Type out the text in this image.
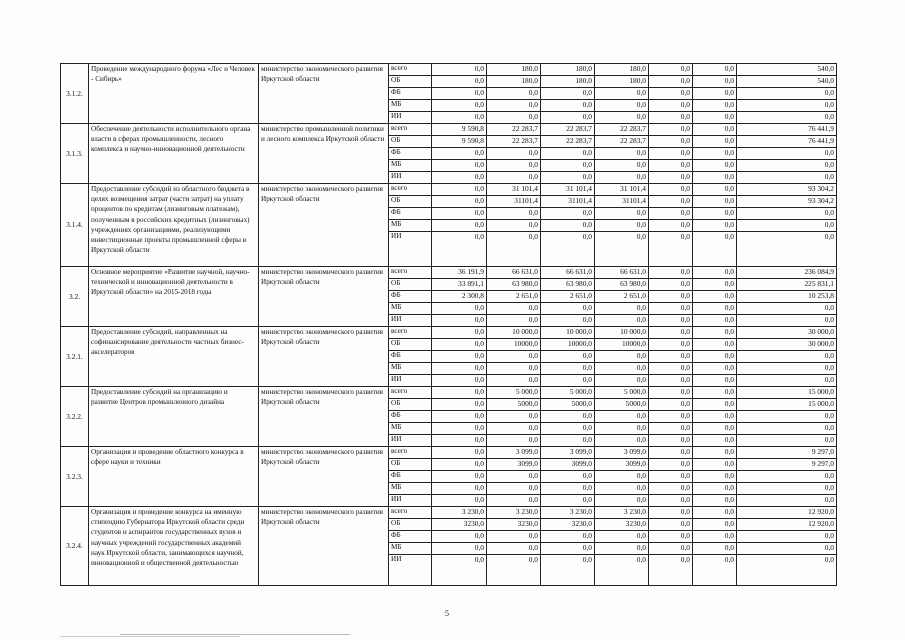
3.1.2.	Проведение международного форума «Лес и Человек - Сибирь»	министерство экономического развития Иркутской области	всего	0,0	180,0	180,0	180,0	0,0	0,0	540,0
			ОБ	0,0	180,0	180,0	180,0	0,0	0,0	540,0
			ФБ	0,0	0,0	0,0	0,0	0,0	0,0	0,0
			МБ	0,0	0,0	0,0	0,0	0,0	0,0	0,0
			ИИ	0,0	0,0	0,0	0,0	0,0	0,0	0,0
3.1.3.	Обеспечение деятельности исполнительного органа власти в сферах промышленности, лесного комплекса и научно-инновационной деятельности	министерство промышленной политики и лесного комплекса Иркутской области	всего	9 590,8	22 283,7	22 283,7	22 283,7	0,0	0,0	76 441,9
			ОБ	9 590,8	22 283,7	22 283,7	22 283,7	0,0	0,0	76 441,9
			ФБ	0,0	0,0	0,0	0,0	0,0	0,0	0,0
			МБ	0,0	0,0	0,0	0,0	0,0	0,0	0,0
			ИИ	0,0	0,0	0,0	0,0	0,0	0,0	0,0
3.1.4.	Предоставление субсидий из областного бюджета в целях возмещения затрат (части затрат) на уплату процентов по кредитам (лизинговым платежам), полученным в российских кредитных (лизинговых) учреждениях организациями, реализующими инвестиционные проекты промышленной сферы в Иркутской области	министерство экономического развития Иркутской области	всего	0,0	31 101,4	31 101,4	31 101,4	0,0	0,0	93 304,2
			ОБ	0,0	31101,4	31101,4	31101,4	0,0	0,0	93 304,2
			ФБ	0,0	0,0	0,0	0,0	0,0	0,0	0,0
			МБ	0,0	0,0	0,0	0,0	0,0	0,0	0,0
			ИИ	0,0	0,0	0,0	0,0	0,0	0,0	0,0
3.2.	Основное мероприятие «Развитие научной, научно-технической и инновационной деятельности в Иркутской области» на 2015-2018 годы	министерство экономического развития Иркутской области	всего	36 191,9	66 631,0	66 631,0	66 631,0	0,0	0,0	236 084,9
			ОБ	33 891,1	63 980,0	63 980,0	63 980,0	0,0	0,0	225 831,1
			ФБ	2 300,8	2 651,0	2 651,0	2 651,0	0,0	0,0	10 253,8
			МБ	0,0	0,0	0,0	0,0	0,0	0,0	0,0
			ИИ	0,0	0,0	0,0	0,0	0,0	0,0	0,0
3.2.1.	Предоставление субсидий, направленных на софинансирование деятельности частных бизнес-акселераторов	министерство экономического развития Иркутской области	всего	0,0	10 000,0	10 000,0	10 000,0	0,0	0,0	30 000,0
			ОБ	0,0	10000,0	10000,0	10000,0	0,0	0,0	30 000,0
			ФБ	0,0	0,0	0,0	0,0	0,0	0,0	0,0
			МБ	0,0	0,0	0,0	0,0	0,0	0,0	0,0
			ИИ	0,0	0,0	0,0	0,0	0,0	0,0	0,0
3.2.2.	Предоставление субсидий на организацию и развитие Центров промышленного дизайна	министерство экономического развития Иркутской области	всего	0,0	5 000,0	5 000,0	5 000,0	0,0	0,0	15 000,0
			ОБ	0,0	5000,0	5000,0	5000,0	0,0	0,0	15 000,0
			ФБ	0,0	0,0	0,0	0,0	0,0	0,0	0,0
			МБ	0,0	0,0	0,0	0,0	0,0	0,0	0,0
			ИИ	0,0	0,0	0,0	0,0	0,0	0,0	0,0
3.2.3.	Организация и проведение областного конкурса в сфере науки и техники	министерство экономического развития Иркутской области	всего	0,0	3 099,0	3 099,0	3 099,0	0,0	0,0	9 297,0
			ОБ	0,0	3099,0	3099,0	3099,0	0,0	0,0	9 297,0
			ФБ	0,0	0,0	0,0	0,0	0,0	0,0	0,0
			МБ	0,0	0,0	0,0	0,0	0,0	0,0	0,0
			ИИ	0,0	0,0	0,0	0,0	0,0	0,0	0,0
3.2.4.	Организация и проведение конкурса на именную стипендию Губернатора Иркутской области среди студентов и аспирантов государственных вузов и научных учреждений государственных академий наук Иркутской области, занимающихся научной, инновационной и общественной деятельностью	министерство экономического развития Иркутской области	всего	3 230,0	3 230,0	3 230,0	3 230,0	0,0	0,0	12 920,0
			ОБ	3230,0	3230,0	3230,0	3230,0	0,0	0,0	12 920,0
			ФБ	0,0	0,0	0,0	0,0	0,0	0,0	0,0
			МБ	0,0	0,0	0,0	0,0	0,0	0,0	0,0
			ИИ	0,0	0,0	0,0	0,0	0,0	0,0	0,0
5
